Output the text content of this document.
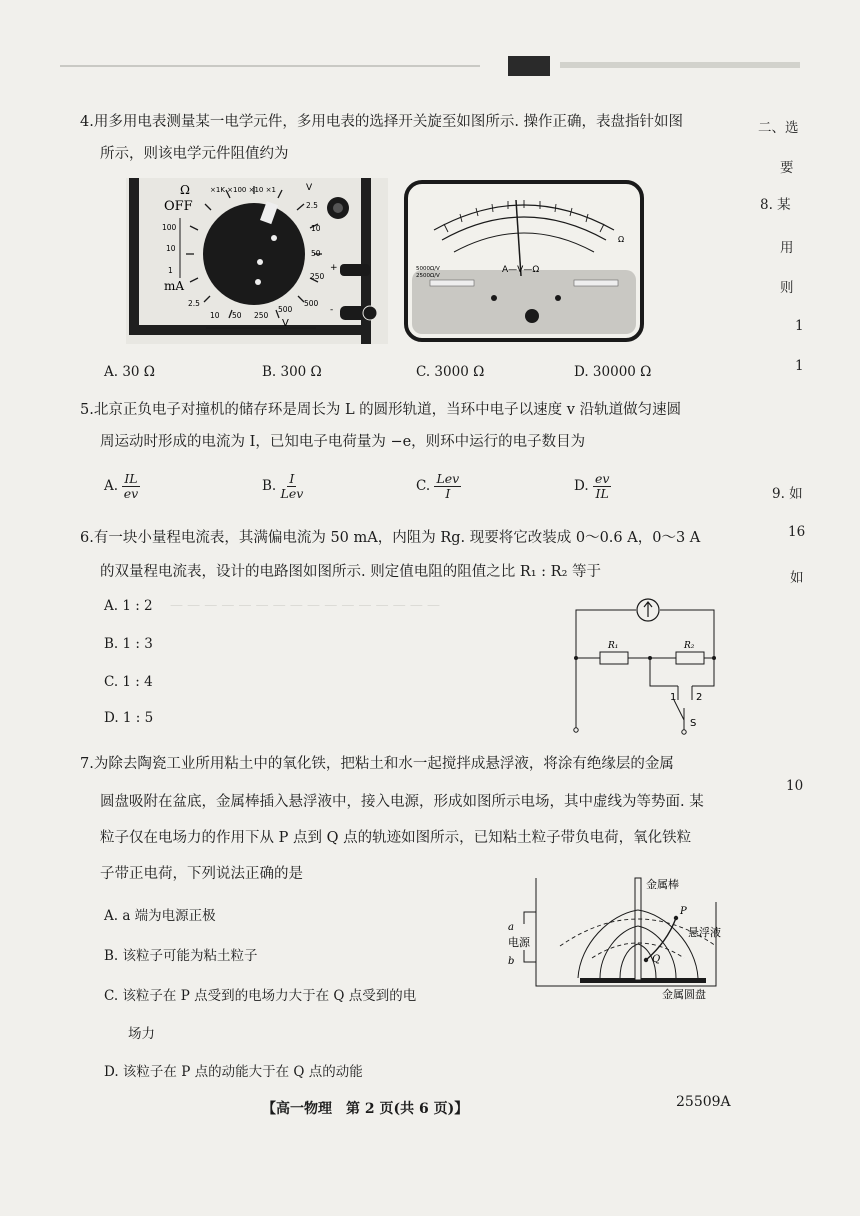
二、选
要
8. 某
用
则
1
1
9. 如
16
如
10
4.用多用电表测量某一电学元件，多用电表的选择开关旋至如图所示. 操作正确，表盘指针如图
所示，则该电学元件阻值约为
Ω
OFF
×1K ×100 ×10 ×1
mA
V
V
100
10
1
2.5
10
50
250
500
2.5
10 50 250
500	-
+	A—V—Ω
5000Ω/V
2500Ω/V
Ω
A. 30 Ω	B. 300 Ω	C. 3000 Ω	D. 30000 Ω
5.北京正负电子对撞机的储存环是周长为 L 的圆形轨道，当环中电子以速度 v 沿轨道做匀速圆
周运动时形成的电流为 I，已知电子电荷量为 −e，则环中运行的电子数目为
A. $\frac{IL}{ev}$	B. $\frac{I}{\text{Lev}}$	C. $\frac{\text{Lev}}{I}$	D. $\frac{ev}{IL}$
6.有一块小量程电流表，其满偏电流为 50 mA，内阻为 Rg. 现要将它改装成 0～0.6 A，0～3 A
的双量程电流表，设计的电路图如图所示. 则定值电阻的阻值之比 R₁ : R₂ 等于
A. 1 : 2
B. 1 : 3
C. 1 : 4
D. 1 : 5
— — — — — — — — — — — — — — — —
R₁	R₂
1 2
S
7.为除去陶瓷工业所用粘土中的氧化铁，把粘土和水一起搅拌成悬浮液，将涂有绝缘层的金属
圆盘吸附在盆底，金属棒插入悬浮液中，接入电源，形成如图所示电场，其中虚线为等势面. 某
粒子仅在电场力的作用下从 P 点到 Q 点的轨迹如图所示，已知粘土粒子带负电荷，氧化铁粒
子带正电荷，下列说法正确的是
A. a 端为电源正极
B. 该粒子可能为粘土粒子
C. 该粒子在 P 点受到的电场力大于在 Q 点受到的电
场力
D. 该粒子在 P 点的动能大于在 Q 点的动能
a
电源
b
金属棒
悬浮液
金属圆盘
P
Q
【高一物理　第 2 页(共 6 页)】	25509A
